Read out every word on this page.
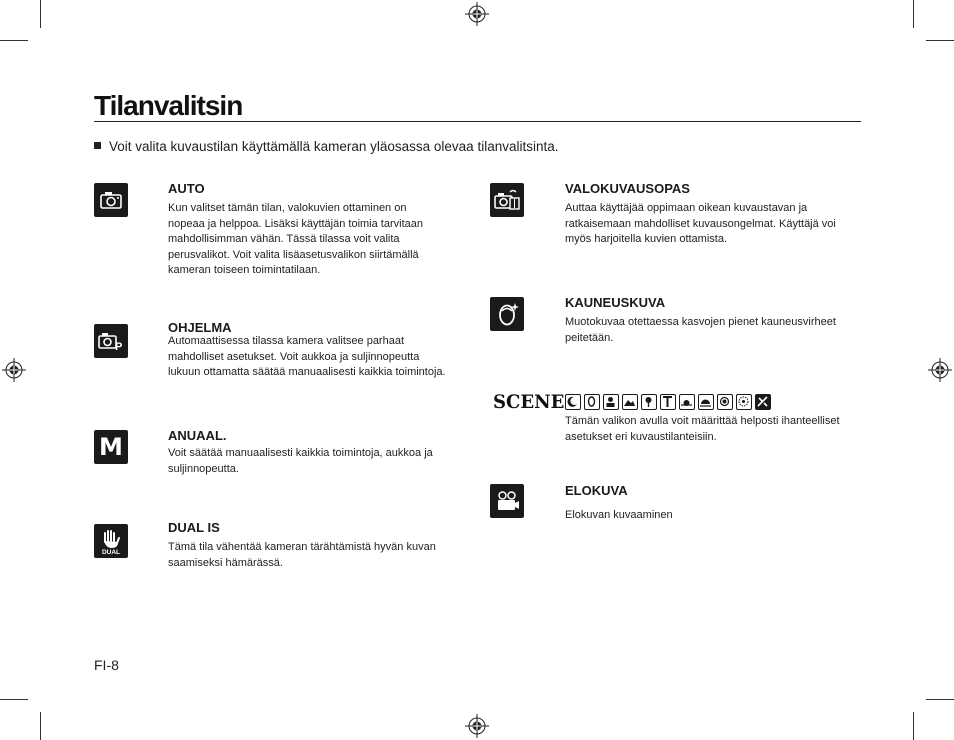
Tilanvalitsin
Voit valita kuvaustilan käyttämällä kameran yläosassa olevaa tilanvalitsinta.
AUTO
Kun valitset tämän tilan, valokuvien ottaminen on
nopeaa ja helppoa. Lisäksi käyttäjän toimia tarvitaan
mahdollisimman vähän. Tässä tilassa voit valita
perusvalikot. Voit valita lisäasetusvalikon siirtämällä
kameran toiseen toimintatilaan.
P
OHJELMA
Automaattisessa tilassa kamera valitsee parhaat
mahdolliset asetukset. Voit aukkoa ja suljinnopeutta
lukuun ottamatta säätää manuaalisesti kaikkia toimintoja.
M	ANUAAL.
Voit säätää manuaalisesti kaikkia toimintoja, aukkoa ja
suljinnopeutta.
DUAL
DUAL IS
Tämä tila vähentää kameran tärähtämistä hyvän kuvan
saamiseksi hämärässä.
VALOKUVAUSOPAS
Auttaa käyttäjää oppimaan oikean kuvaustavan ja
ratkaisemaan mahdolliset kuvausongelmat. Käyttäjä voi
myös harjoitella kuvien ottamista.
KAUNEUSKUVA
Muotokuvaa otettaessa kasvojen pienet kauneusvirheet
peitetään.
SCENE
Tämän valikon avulla voit määrittää helposti ihanteelliset
asetukset eri kuvaustilanteisiin.
ELOKUVA
Elokuvan kuvaaminen
FI-8
